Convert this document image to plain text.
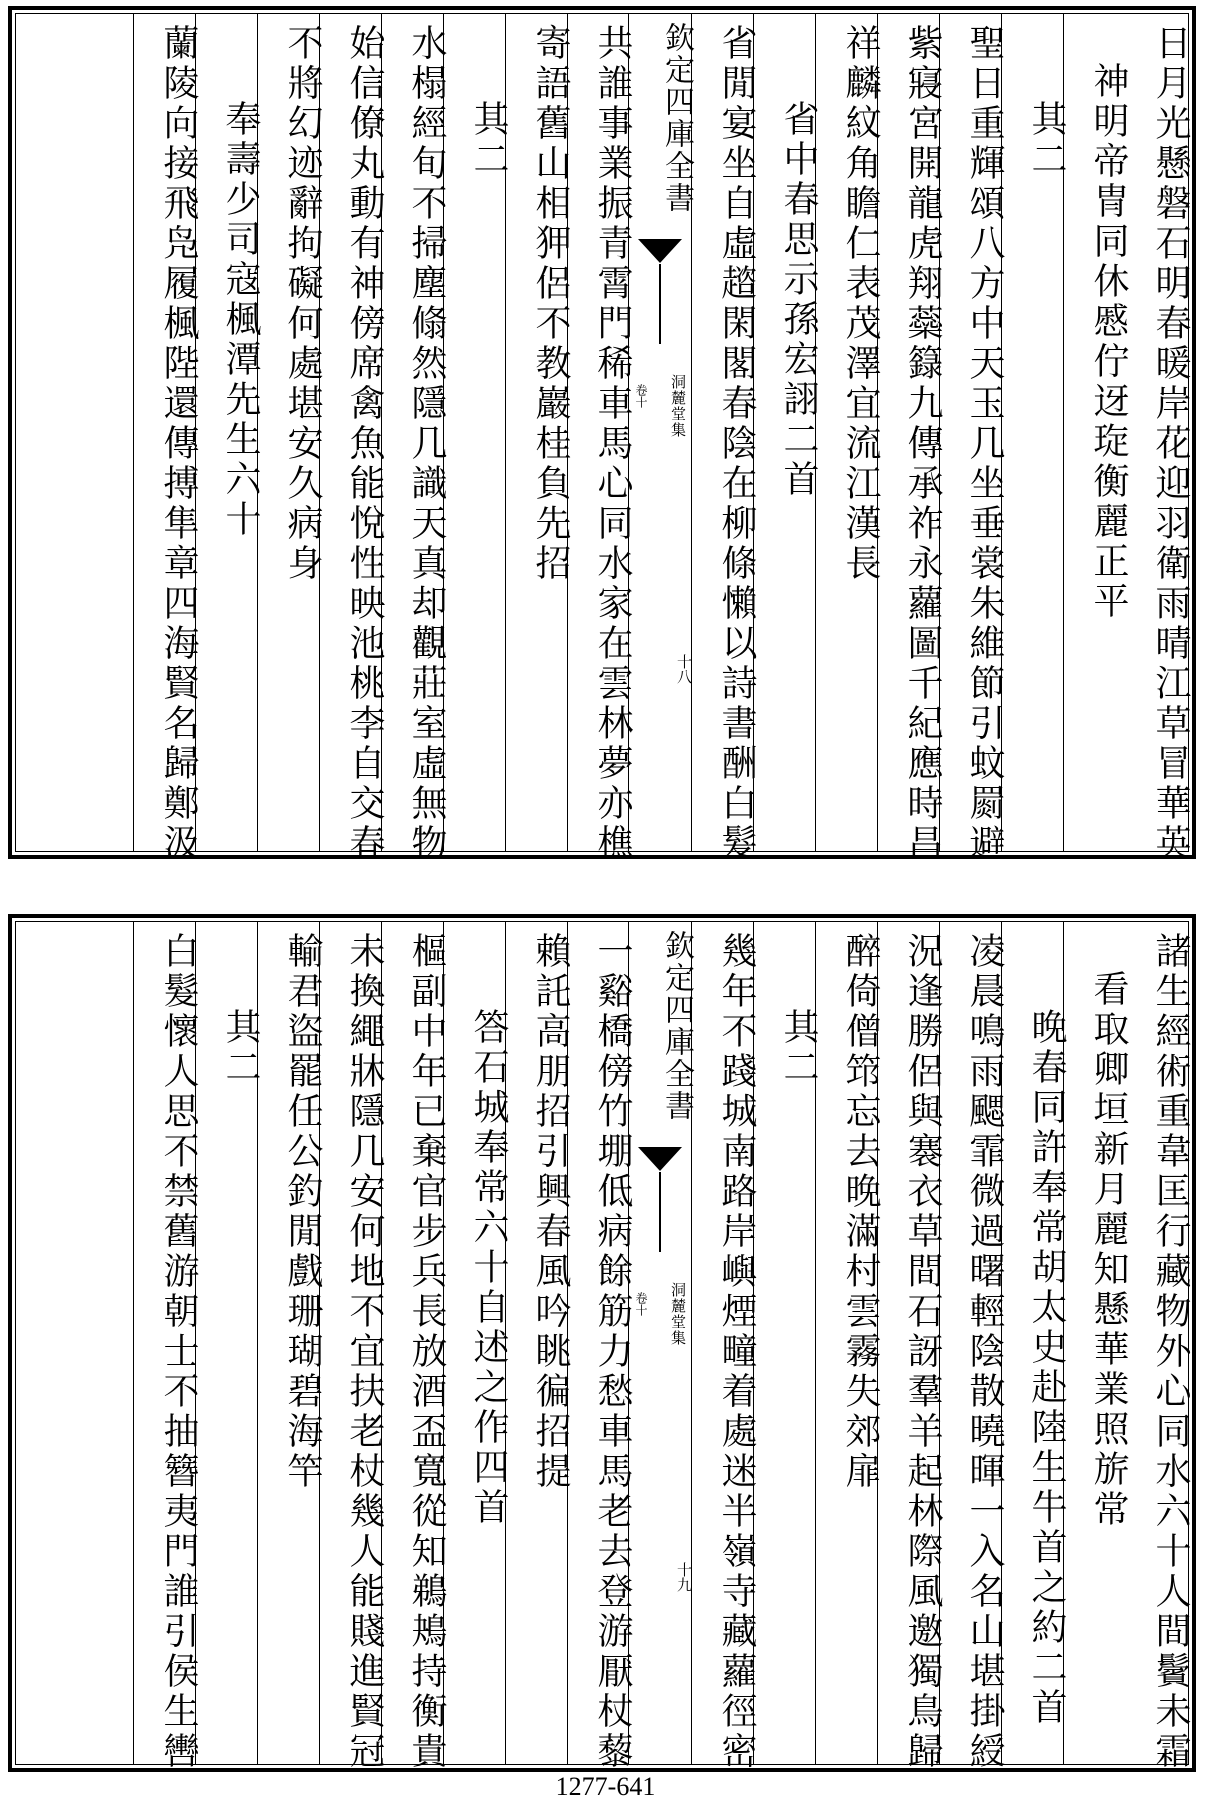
日月光懸磐石明春暖岸花迎羽衛雨晴江草冒華英
神明帝冑同休慼佇迓琁衡麗正平
其二
聖日重輝頌八方中天玉几坐垂裳朱維節引蚊罽避
紫寢宮開龍虎翔蘂籙九傳承祚永蘿圖千紀應時昌
祥麟紋角瞻仁表茂澤宜流江漢長
省中春思示孫宏詡二首
省閒宴坐自虛趦閑閣春陰在柳條懶以詩書酬白髮
欽定四庫全書
洞麓堂集
卷十
十八
共誰事業振青霄門稀車馬心同水家在雲林夢亦樵
寄語舊山相狎侶不教巖桂負先招
其二
水榻經旬不掃塵翛然隱几識天真却觀莊室虛無物
始信僚丸動有神傍席禽魚能悅性映池桃李自交春
不將幻迹辭拘礙何處堪安久病身
奉壽少司寇楓潭先生六十
蘭陵向接飛凫履楓陛還傳搏隼章四海賢名歸鄭汲
諸生經術重韋匡行藏物外心同水六十人間鬢未霜
看取卿垣新月麗知懸華業照旂常
晚春同許奉常胡太史赴陸生牛首之約二首
凌晨鳴雨颸霏微過曙輕陰散曉暉一入名山堪掛綬
況逢勝侶與褰衣草間石訝羣羊起林際風邀獨鳥歸
醉倚僧筇忘去晚滿村雲霧失郊扉
其二
幾年不踐城南路岸嶼煙疃着處迷半嶺寺藏蘿徑密
欽定四庫全書
洞麓堂集
卷十
十九
一谿橋傍竹堋低病餘筋力愁車馬老去登游厭杖藜
賴託高朋招引興春風吟眺徧招提
答石城奉常六十自述之作四首
樞副中年已棄官步兵長放酒盃寬從知鵜鴂持衡貴
未換繩牀隱几安何地不宜扶老杖幾人能賤進賢冠
輸君盜罷任公釣閒戲珊瑚碧海竿
其二
白髮懷人思不禁舊游朝士不抽簪夷門誰引侯生轡
1277-641
